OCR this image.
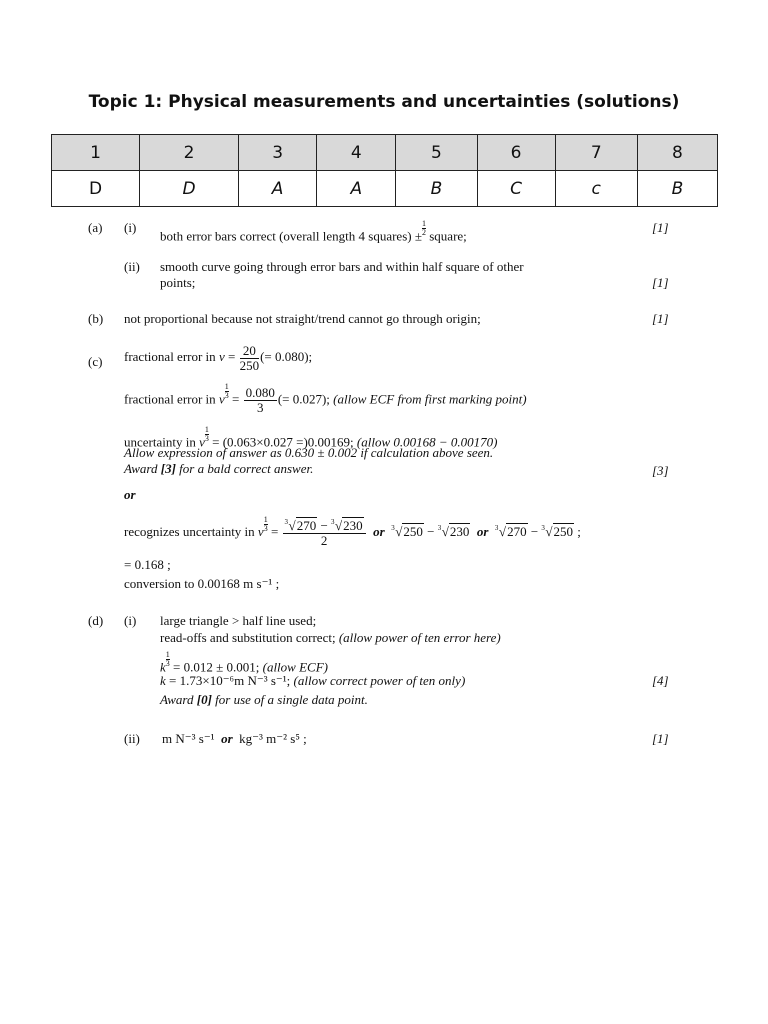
Topic 1: Physical measurements and uncertainties (solutions)
1	2	3	4	5	6	7	8
D	D	A	A	B	C	c	B
(a) (i)
both error bars correct (overall length 4 squares) ± $\frac{1}{2}$ square;
[1]
(ii) smooth curve going through error bars and within half square of other
points;	[1]
(b) not proportional because not straight/trend cannot go through origin;	[1]
(c) fractional error in $v = \frac{20}{250}$ (= 0.080);
fractional error in v $\frac{1}{3} = \frac{0.080}{3}$ (= 0.027); (allow ECF from first marking point)
uncertainty in v $\frac{1}{3} = (0.063\times 0.027 =)0.00169$; (allow 0.00168 − 0.00170)
Allow expression of answer as 0.630 ± 0.002 if calculation above seen.
Award [3] for a bald correct answer.	[3]
or
recognizes uncertainty in v $\frac{1}{3} = \frac{3 √270 - 3 √230}{2}$ or 3 √250 − 3 √230 or 3 √270 − 3 √250 ;
= 0.168 ;
conversion to 0.00168 m s⁻¹ ;
(d) (i) large triangle > half line used;
read-offs and substitution correct; (allow power of ten error here)
k $\frac{1}{3} = 0.012 \pm 0.001$; (allow ECF)
k = 1.73×10⁻⁶m N⁻³ s⁻¹; (allow correct power of ten only)	[4]
Award [0] for use of a single data point.
(ii) m N⁻³ s⁻¹ or kg⁻³ m⁻² s⁵ ;	[1]
